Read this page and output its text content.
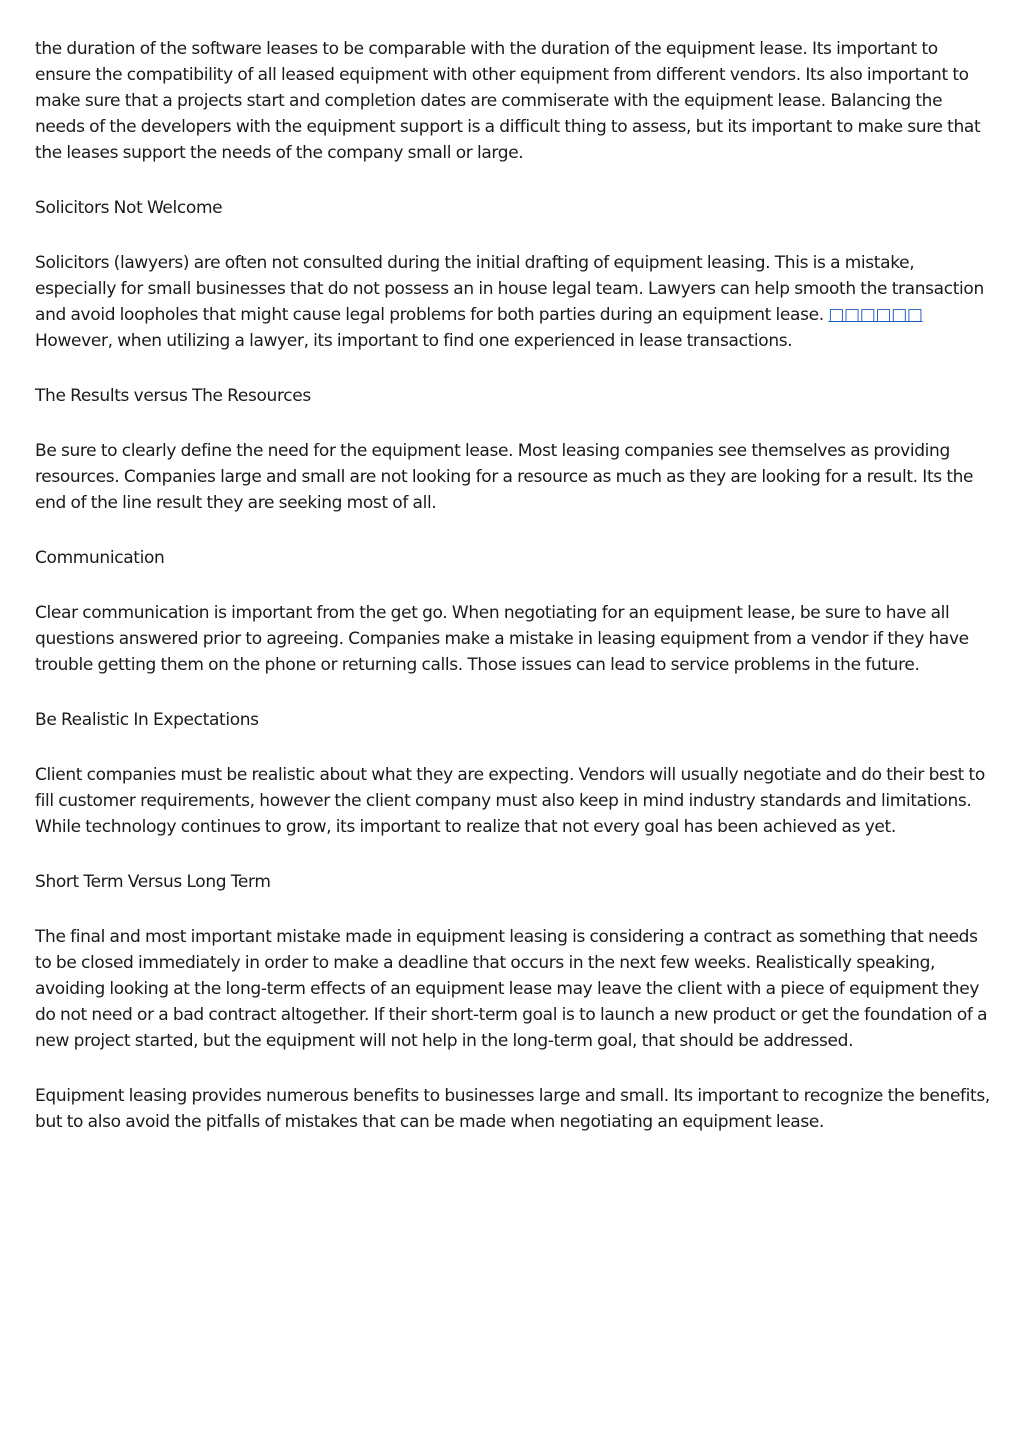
the duration of the software leases to be comparable with the duration of the equipment lease. Its important to ensure the compatibility of all leased equipment with other equipment from different vendors. Its also important to make sure that a projects start and completion dates are commiserate with the equipment lease. Balancing the needs of the developers with the equipment support is a difficult thing to assess, but its important to make sure that the leases support the needs of the company small or large.

Solicitors Not Welcome

Solicitors (lawyers) are often not consulted during the initial drafting of equipment leasing. This is a mistake, especially for small businesses that do not possess an in house legal team. Lawyers can help smooth the transaction and avoid loopholes that might cause legal problems for both parties during an equipment lease. □□□□□□ However, when utilizing a lawyer, its important to find one experienced in lease transactions.

The Results versus The Resources

Be sure to clearly define the need for the equipment lease. Most leasing companies see themselves as providing resources. Companies large and small are not looking for a resource as much as they are looking for a result. Its the end of the line result they are seeking most of all.

Communication

Clear communication is important from the get go. When negotiating for an equipment lease, be sure to have all questions answered prior to agreeing. Companies make a mistake in leasing equipment from a vendor if they have trouble getting them on the phone or returning calls. Those issues can lead to service problems in the future.

Be Realistic In Expectations

Client companies must be realistic about what they are expecting. Vendors will usually negotiate and do their best to fill customer requirements, however the client company must also keep in mind industry standards and limitations. While technology continues to grow, its important to realize that not every goal has been achieved as yet.

Short Term Versus Long Term

The final and most important mistake made in equipment leasing is considering a contract as something that needs to be closed immediately in order to make a deadline that occurs in the next few weeks. Realistically speaking, avoiding looking at the long-term effects of an equipment lease may leave the client with a piece of equipment they do not need or a bad contract altogether. If their short-term goal is to launch a new product or get the foundation of a new project started, but the equipment will not help in the long-term goal, that should be addressed.

Equipment leasing provides numerous benefits to businesses large and small. Its important to recognize the benefits, but to also avoid the pitfalls of mistakes that can be made when negotiating an equipment lease.
